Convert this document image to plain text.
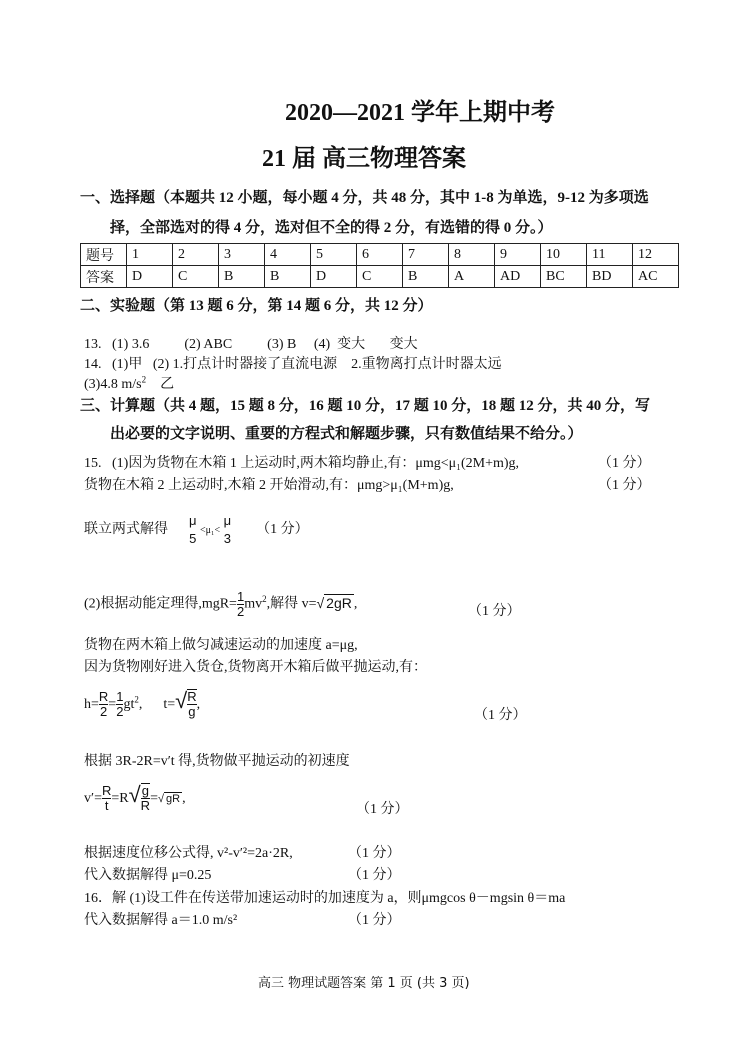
2020—2021 学年上期中考
21 届 高三物理答案
一、选择题（本题共 12 小题，每小题 4 分，共 48 分，其中 1-8 为单选，9-12 为多项选
择，全部选对的得 4 分，选对但不全的得 2 分，有选错的得 0 分。）
题号	1	2	3	4	5	6	7	8	9	10	11	12
答案	D	C	B	B	D	C	B	A	AD	BC	BD	AC
二、实验题（第 13 题 6 分，第 14 题 6 分，共 12 分）
13.   (1) 3.6          (2) ABC          (3) B     (4)  变大       变大
14.   (1)甲   (2) 1.打点计时器接了直流电源    2.重物离打点计时器太远
(3)4.8 $m/s^2$    乙
三、计算题（共 4 题，15 题 8 分，16 题 10 分，17 题 10 分，18 题 12 分，共 40 分，写
出必要的文字说明、重要的方程式和解题步骤，只有数值结果不给分。）
15.   (1)因为货物在木箱 1 上运动时,两木箱均静止,有：μmg<μ₁(2M+m)g,	（1 分）
货物在木箱 2 上运动时,木箱 2 开始滑动,有：μmg>μ₁(M+m)g,	（1 分）
联立两式解得
μ
5
<μ₁<
μ
3
（1 分）
(2)根据动能定理得$,mgR= \frac{1}{2} mv^2$,解得 v=√ 2gR ,	（1 分）
货物在两木箱上做匀减速运动的加速度 a=μg,
因为货物刚好进入货仓,货物离开木箱后做平抛运动,有：
$h= \frac{R}{2} = \frac{1}{2} gt^2$,      $t=√ \frac{R}{g}$ ,
（1 分）
根据 3R-2R=v′t 得,货物做平抛运动的初速度
$v'= \frac{R}{t} =R√ \frac{g}{R}$ =√ gR ,
（1 分）
根据速度位移公式得, v²-v′²=2a·2R,	（1 分）
代入数据解得 μ=0.25	（1 分）
16．解 (1)设工件在传送带加速运动时的加速度为 a，则μmgcos θ－mgsin θ＝ma
代入数据解得 a＝1.0 m/s²	（1 分）
高三 物理试题答案 第 1 页 (共 3 页)
